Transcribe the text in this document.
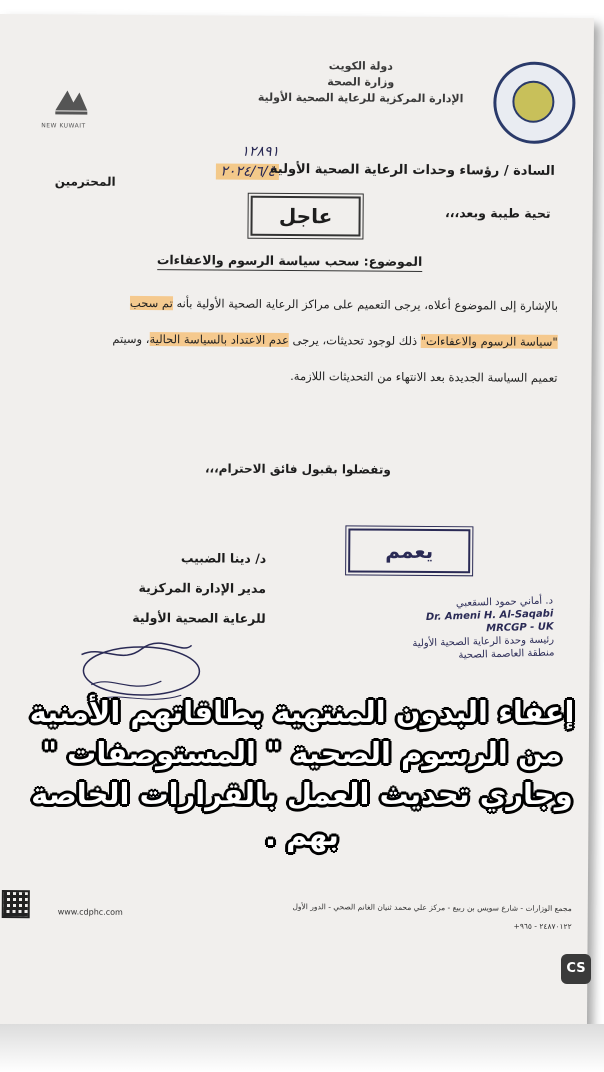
دولة الكويت
وزارة الصحة
الإدارة المركزية للرعاية الصحية الأولية
NEW KUWAIT
١٢٨٩١
٢٠٢٤/٦/٤
السادة / رؤساء وحدات الرعاية الصحية الأولية
المحترمين
تحية طيبة وبعد،،،
عاجل
الموضوع: سحب سياسة الرسوم والاعفاءات
بالإشارة إلى الموضوع أعلاه، يرجى التعميم على مراكز الرعاية الصحية الأولية بأنه تم سحب
"سياسة الرسوم والاعفاءات" ذلك لوجود تحديثات، يرجى عدم الاعتداد بالسياسة الحالية، وسيتم
تعميم السياسة الجديدة بعد الانتهاء من التحديثات اللازمة.
وتفضلوا بقبول فائق الاحترام،،،
د/ دينا الضبيب
مدير الإدارة المركزية
للرعاية الصحية الأولية
يعمم
د. أماني حمود السقعبي
Dr. Ameni H. Al-Saqabi
MRCGP - UK
رئيسة وحدة الرعاية الصحية الأولية
منطقة العاصمة الصحية
www.cdphc.com	مجمع الوزارات - شارع سويس بن ربيع - مركز علي محمد ثنيان الغانم الصحي - الدور الأول
٢٤٨٧٠١٢٢ - ٩٦٥+
إعفاء البدون المنتهية بطاقاتهم الأمنية من الرسوم الصحية " المستوصفات " وجاري تحديث العمل بالقرارات الخاصة بهم .
CS
